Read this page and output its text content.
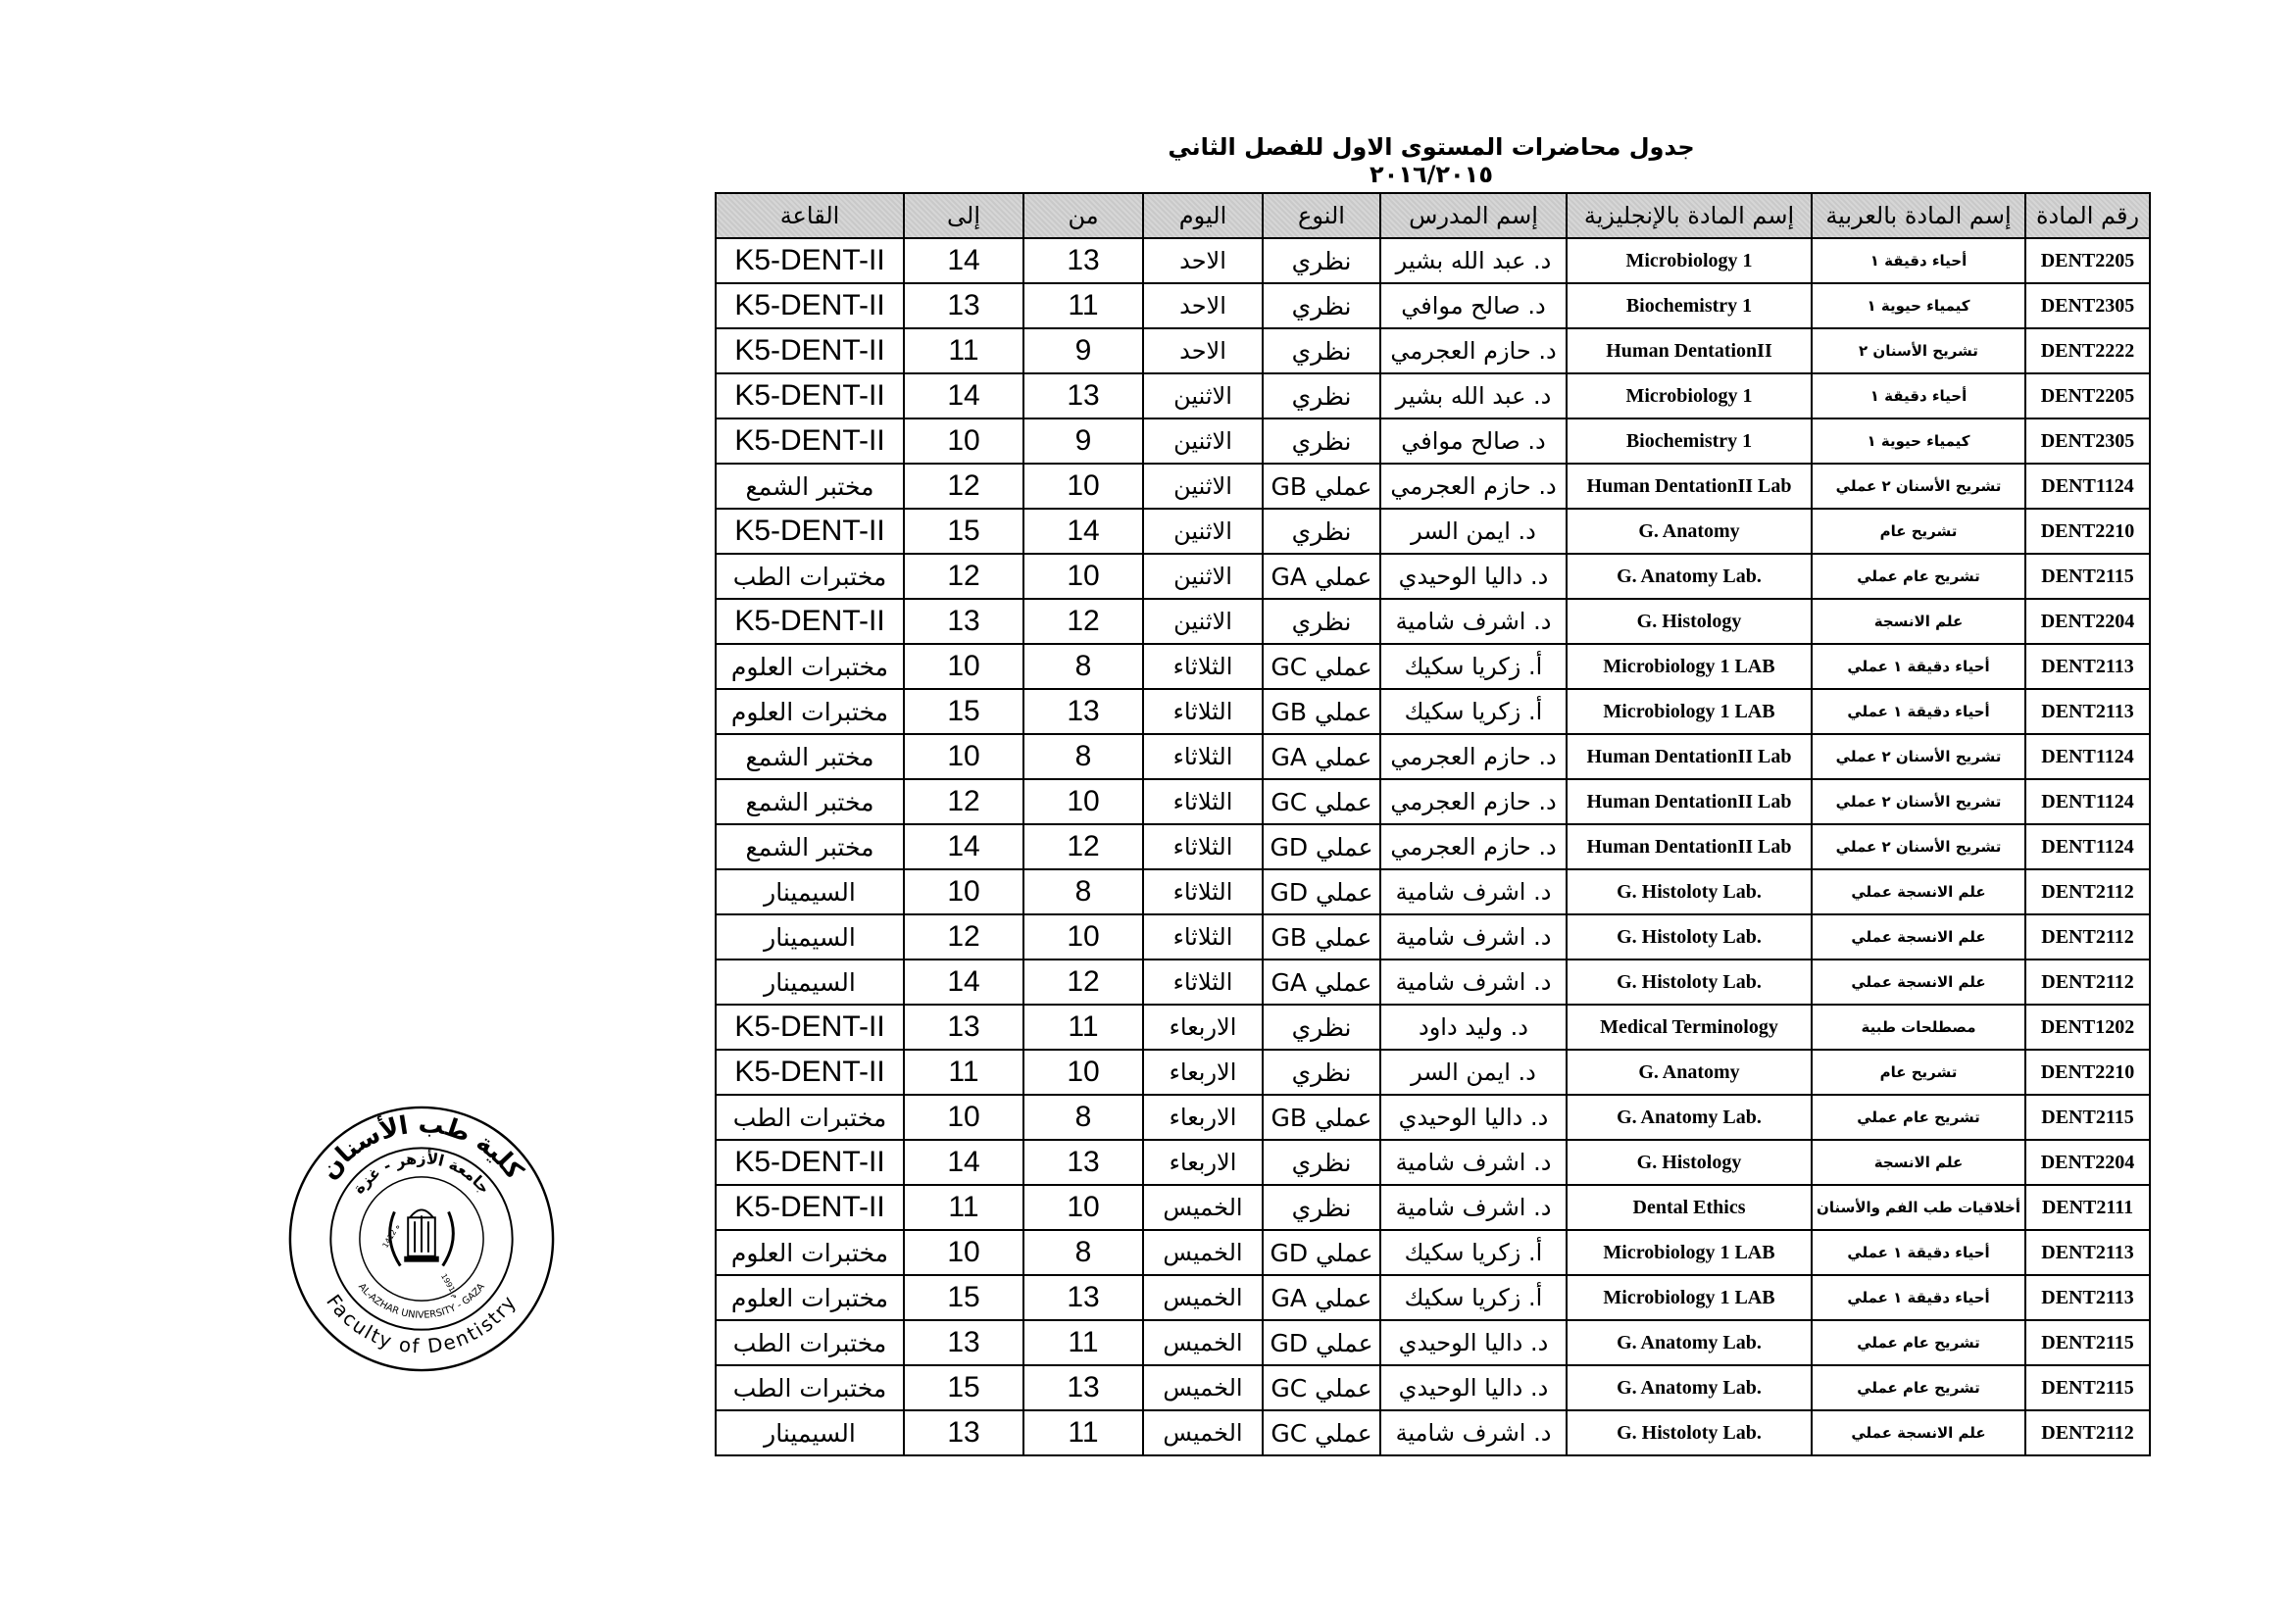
جدول محاضرات المستوى الاول للفصل الثاني ٢٠١٦/٢٠١٥
رقم المادة	إسم المادة بالعربية	إسم المادة بالإنجليزية	إسم المدرس	النوع	اليوم	من	إلى	القاعة
DENT2205	أحياء دقيقة ١	Microbiology 1	د. عبد الله بشير	نظري	الاحد	13	14	K5-DENT-II
DENT2305	كيمياء حيوية ١	Biochemistry 1	د. صالح موافي	نظري	الاحد	11	13	K5-DENT-II
DENT2222	تشريح الأسنان ٢	Human DentationII	د. حازم العجرمي	نظري	الاحد	9	11	K5-DENT-II
DENT2205	أحياء دقيقة ١	Microbiology 1	د. عبد الله بشير	نظري	الاثنين	13	14	K5-DENT-II
DENT2305	كيمياء حيوية ١	Biochemistry 1	د. صالح موافي	نظري	الاثنين	9	10	K5-DENT-II
DENT1124	تشريح الأسنان ٢ عملي	Human DentationII Lab	د. حازم العجرمي	عملي GB	الاثنين	10	12	مختبر الشمع
DENT2210	تشريح عام	G. Anatomy	د. ايمن السر	نظري	الاثنين	14	15	K5-DENT-II
DENT2115	تشريح عام عملي	G. Anatomy Lab.	د. داليا الوحيدي	عملي GA	الاثنين	10	12	مختبرات الطب
DENT2204	علم الانسجة	G. Histology	د. اشرف شامية	نظري	الاثنين	12	13	K5-DENT-II
DENT2113	أحياء دقيقة ١ عملي	Microbiology 1 LAB	أ. زكريا سكيك	عملي GC	الثلاثاء	8	10	مختبرات العلوم
DENT2113	أحياء دقيقة ١ عملي	Microbiology 1 LAB	أ. زكريا سكيك	عملي GB	الثلاثاء	13	15	مختبرات العلوم
DENT1124	تشريح الأسنان ٢ عملي	Human DentationII Lab	د. حازم العجرمي	عملي GA	الثلاثاء	8	10	مختبر الشمع
DENT1124	تشريح الأسنان ٢ عملي	Human DentationII Lab	د. حازم العجرمي	عملي GC	الثلاثاء	10	12	مختبر الشمع
DENT1124	تشريح الأسنان ٢ عملي	Human DentationII Lab	د. حازم العجرمي	عملي GD	الثلاثاء	12	14	مختبر الشمع
DENT2112	علم الانسجة عملي	G. Histoloty Lab.	د. اشرف شامية	عملي GD	الثلاثاء	8	10	السيمينار
DENT2112	علم الانسجة عملي	G. Histoloty Lab.	د. اشرف شامية	عملي GB	الثلاثاء	10	12	السيمينار
DENT2112	علم الانسجة عملي	G. Histoloty Lab.	د. اشرف شامية	عملي GA	الثلاثاء	12	14	السيمينار
DENT1202	مصطلحات طبية	Medical Terminology	د. وليد داود	نظري	الاربعاء	11	13	K5-DENT-II
DENT2210	تشريح عام	G. Anatomy	د. ايمن السر	نظري	الاربعاء	10	11	K5-DENT-II
DENT2115	تشريح عام عملي	G. Anatomy Lab.	د. داليا الوحيدي	عملي GB	الاربعاء	8	10	مختبرات الطب
DENT2204	علم الانسجة	G. Histology	د. اشرف شامية	نظري	الاربعاء	13	14	K5-DENT-II
DENT2111	أخلاقيات طب الفم والأسنان	Dental Ethics	د. اشرف شامية	نظري	الخميس	10	11	K5-DENT-II
DENT2113	أحياء دقيقة ١ عملي	Microbiology 1 LAB	أ. زكريا سكيك	عملي GD	الخميس	8	10	مختبرات العلوم
DENT2113	أحياء دقيقة ١ عملي	Microbiology 1 LAB	أ. زكريا سكيك	عملي GA	الخميس	13	15	مختبرات العلوم
DENT2115	تشريح عام عملي	G. Anatomy Lab.	د. داليا الوحيدي	عملي GD	الخميس	11	13	مختبرات الطب
DENT2115	تشريح عام عملي	G. Anatomy Lab.	د. داليا الوحيدي	عملي GC	الخميس	13	15	مختبرات الطب
DENT2112	علم الانسجة عملي	G. Histoloty Lab.	د. اشرف شامية	عملي GC	الخميس	11	13	السيمينار
كلية طب الأسنان
Faculty of Dentistry
جامعة الأزهر - غزة
AL-AZHAR UNIVERSITY - GAZA
1412 ه
1991 م
